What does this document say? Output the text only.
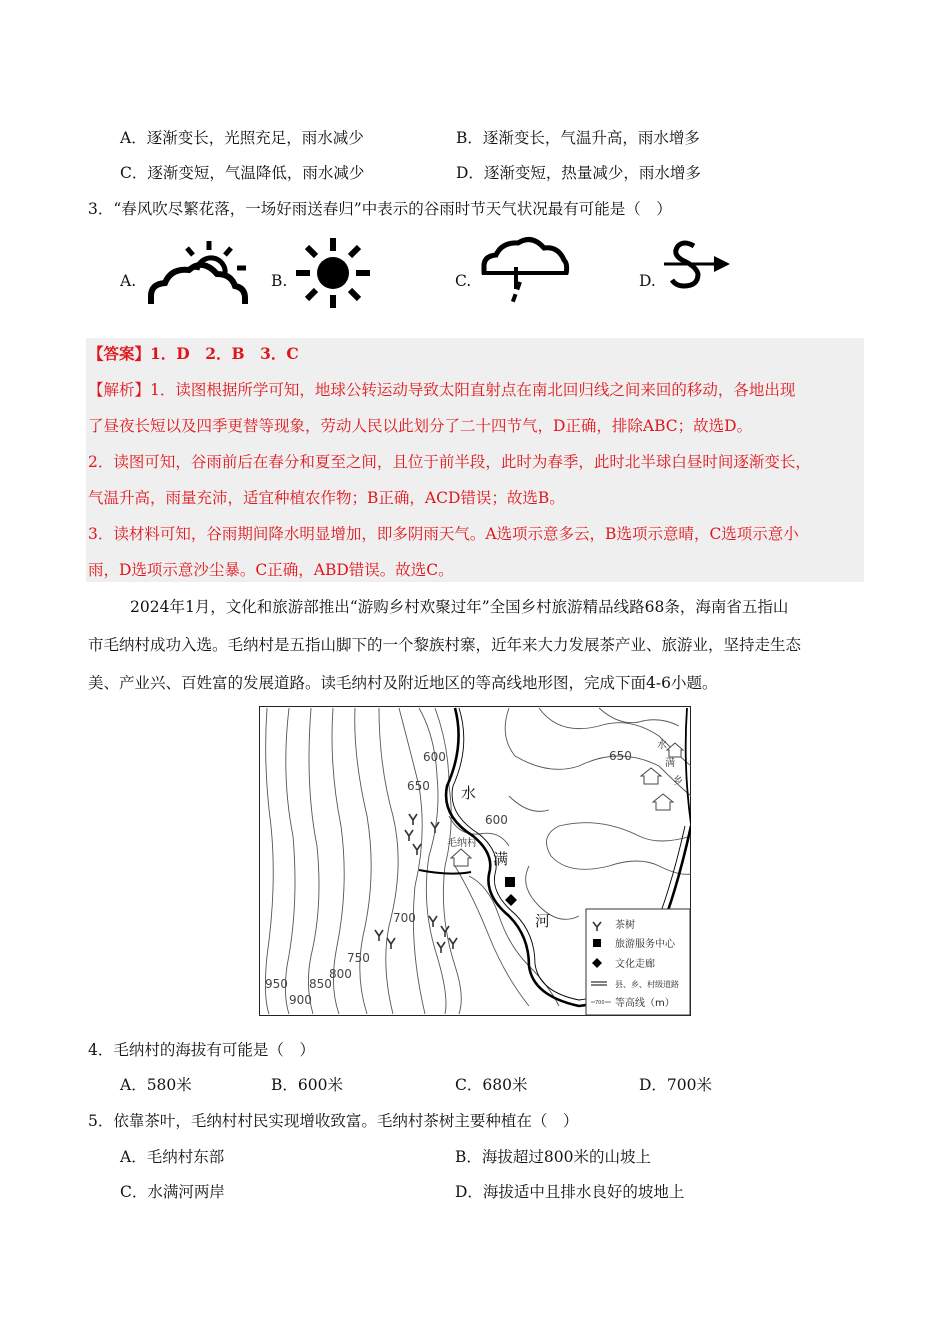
A．逐渐变长，光照充足，雨水减少	B．逐渐变长，气温升高，雨水增多
C．逐渐变短，气温降低，雨水减少	D．逐渐变短，热量减少，雨水增多
3．“春风吹尽繁花落，一场好雨送春归”中表示的谷雨时节天气状况最有可能是（　）
A.	B.	C.	D.
【答案】1．D　2．B　3．C
【解析】1．读图根据所学可知，地球公转运动导致太阳直射点在南北回归线之间来回的移动，各地出现
了昼夜长短以及四季更替等现象，劳动人民以此划分了二十四节气，D正确，排除ABC；故选D。
2．读图可知，谷雨前后在春分和夏至之间，且位于前半段，此时为春季，此时北半球白昼时间逐渐变长，
气温升高，雨量充沛，适宜种植农作物；B正确，ACD错误；故选B。
3．读材料可知，谷雨期间降水明显增加，即多阴雨天气。A选项示意多云，B选项示意晴，C选项示意小
雨，D选项示意沙尘暴。C正确，ABD错误。故选C。
2024年1月，文化和旅游部推出“游购乡村欢聚过年”全国乡村旅游精品线路68条，海南省五指山
市毛纳村成功入选。毛纳村是五指山脚下的一个黎族村寨，近年来大力发展茶产业、旅游业，坚持走生态
美、产业兴、百姓富的发展道路。读毛纳村及附近地区的等高线地形图，完成下面4-6小题。
600
650
600
650
700
750
800
850
900
950
毛纳村
水
满
河
水
满
乡
茶树
旅游服务中心
文化走廊
县、乡、村级道路
700 等高线（m）
4．毛纳村的海拔有可能是（　）
A．580米	B．600米	C．680米	D．700米
5．依靠茶叶，毛纳村村民实现增收致富。毛纳村茶树主要种植在（　）
A．毛纳村东部	B．海拔超过800米的山坡上
C．水满河两岸	D．海拔适中且排水良好的坡地上
